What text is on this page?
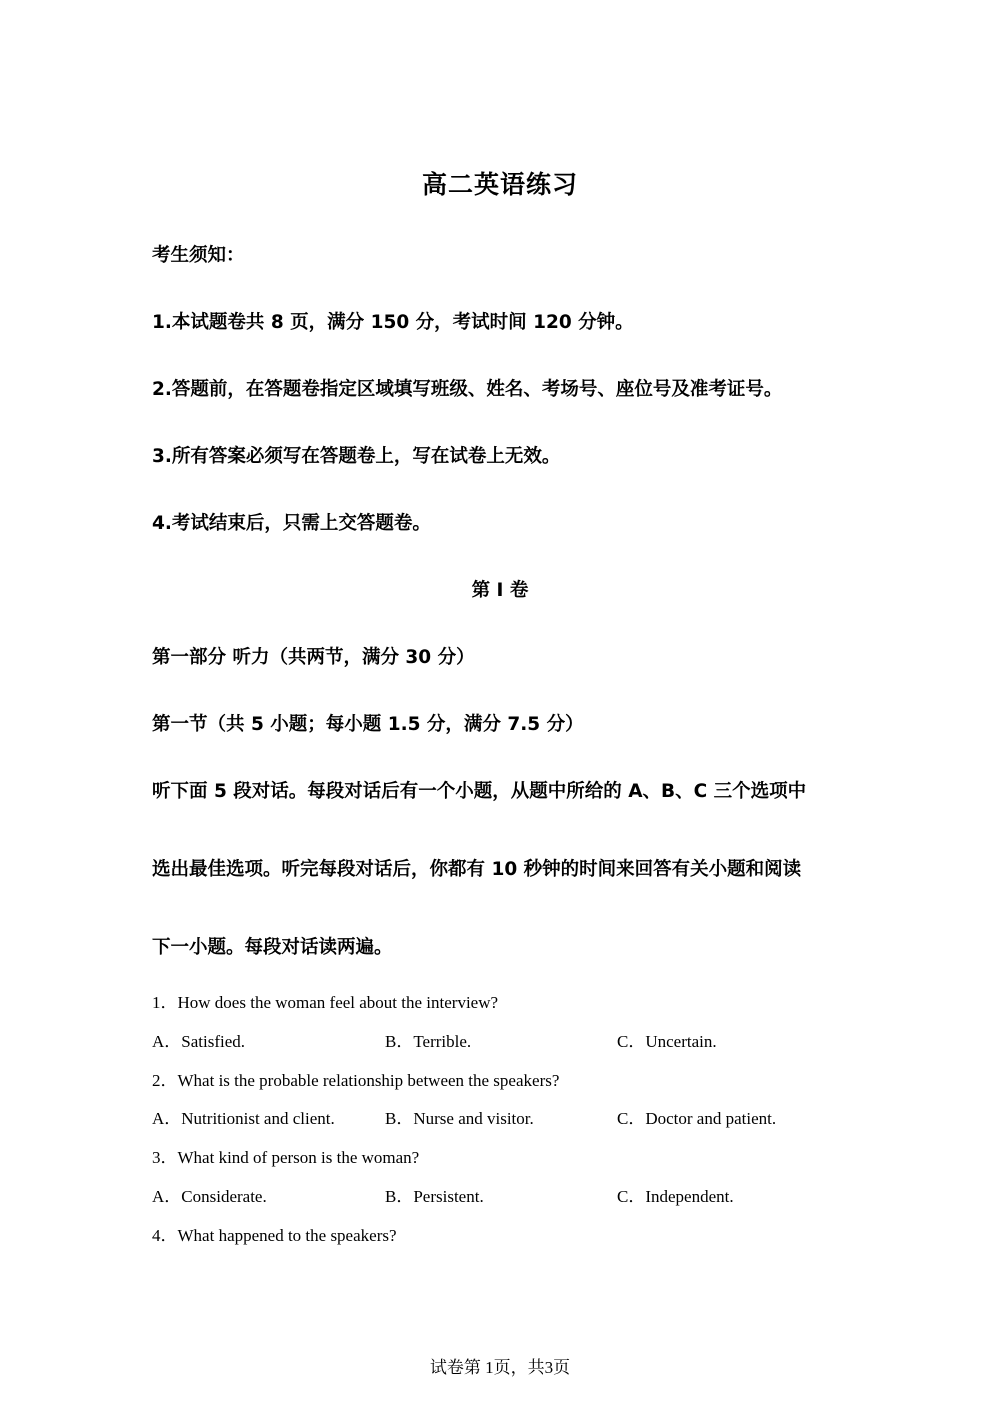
高二英语练习
考生须知：
1.本试题卷共 8 页，满分 150 分，考试时间 120 分钟。
2.答题前，在答题卷指定区域填写班级、姓名、考场号、座位号及准考证号。
3.所有答案必须写在答题卷上，写在试卷上无效。
4.考试结束后，只需上交答题卷。
第 I 卷
第一部分 听力（共两节，满分 30 分）
第一节（共 5 小题；每小题 1.5 分，满分 7.5 分）
听下面 5 段对话。每段对话后有一个小题，从题中所给的 A、B、C 三个选项中
选出最佳选项。听完每段对话后，你都有 10 秒钟的时间来回答有关小题和阅读
下一小题。每段对话读两遍。
1．How does the woman feel about the interview?
A．Satisfied.	B．Terrible.	C．Uncertain.
2．What is the probable relationship between the speakers?
A．Nutritionist and client.	B．Nurse and visitor.	C．Doctor and patient.
3．What kind of person is the woman?
A．Considerate.	B．Persistent.	C．Independent.
4．What happened to the speakers?
试卷第 1页，共3页
